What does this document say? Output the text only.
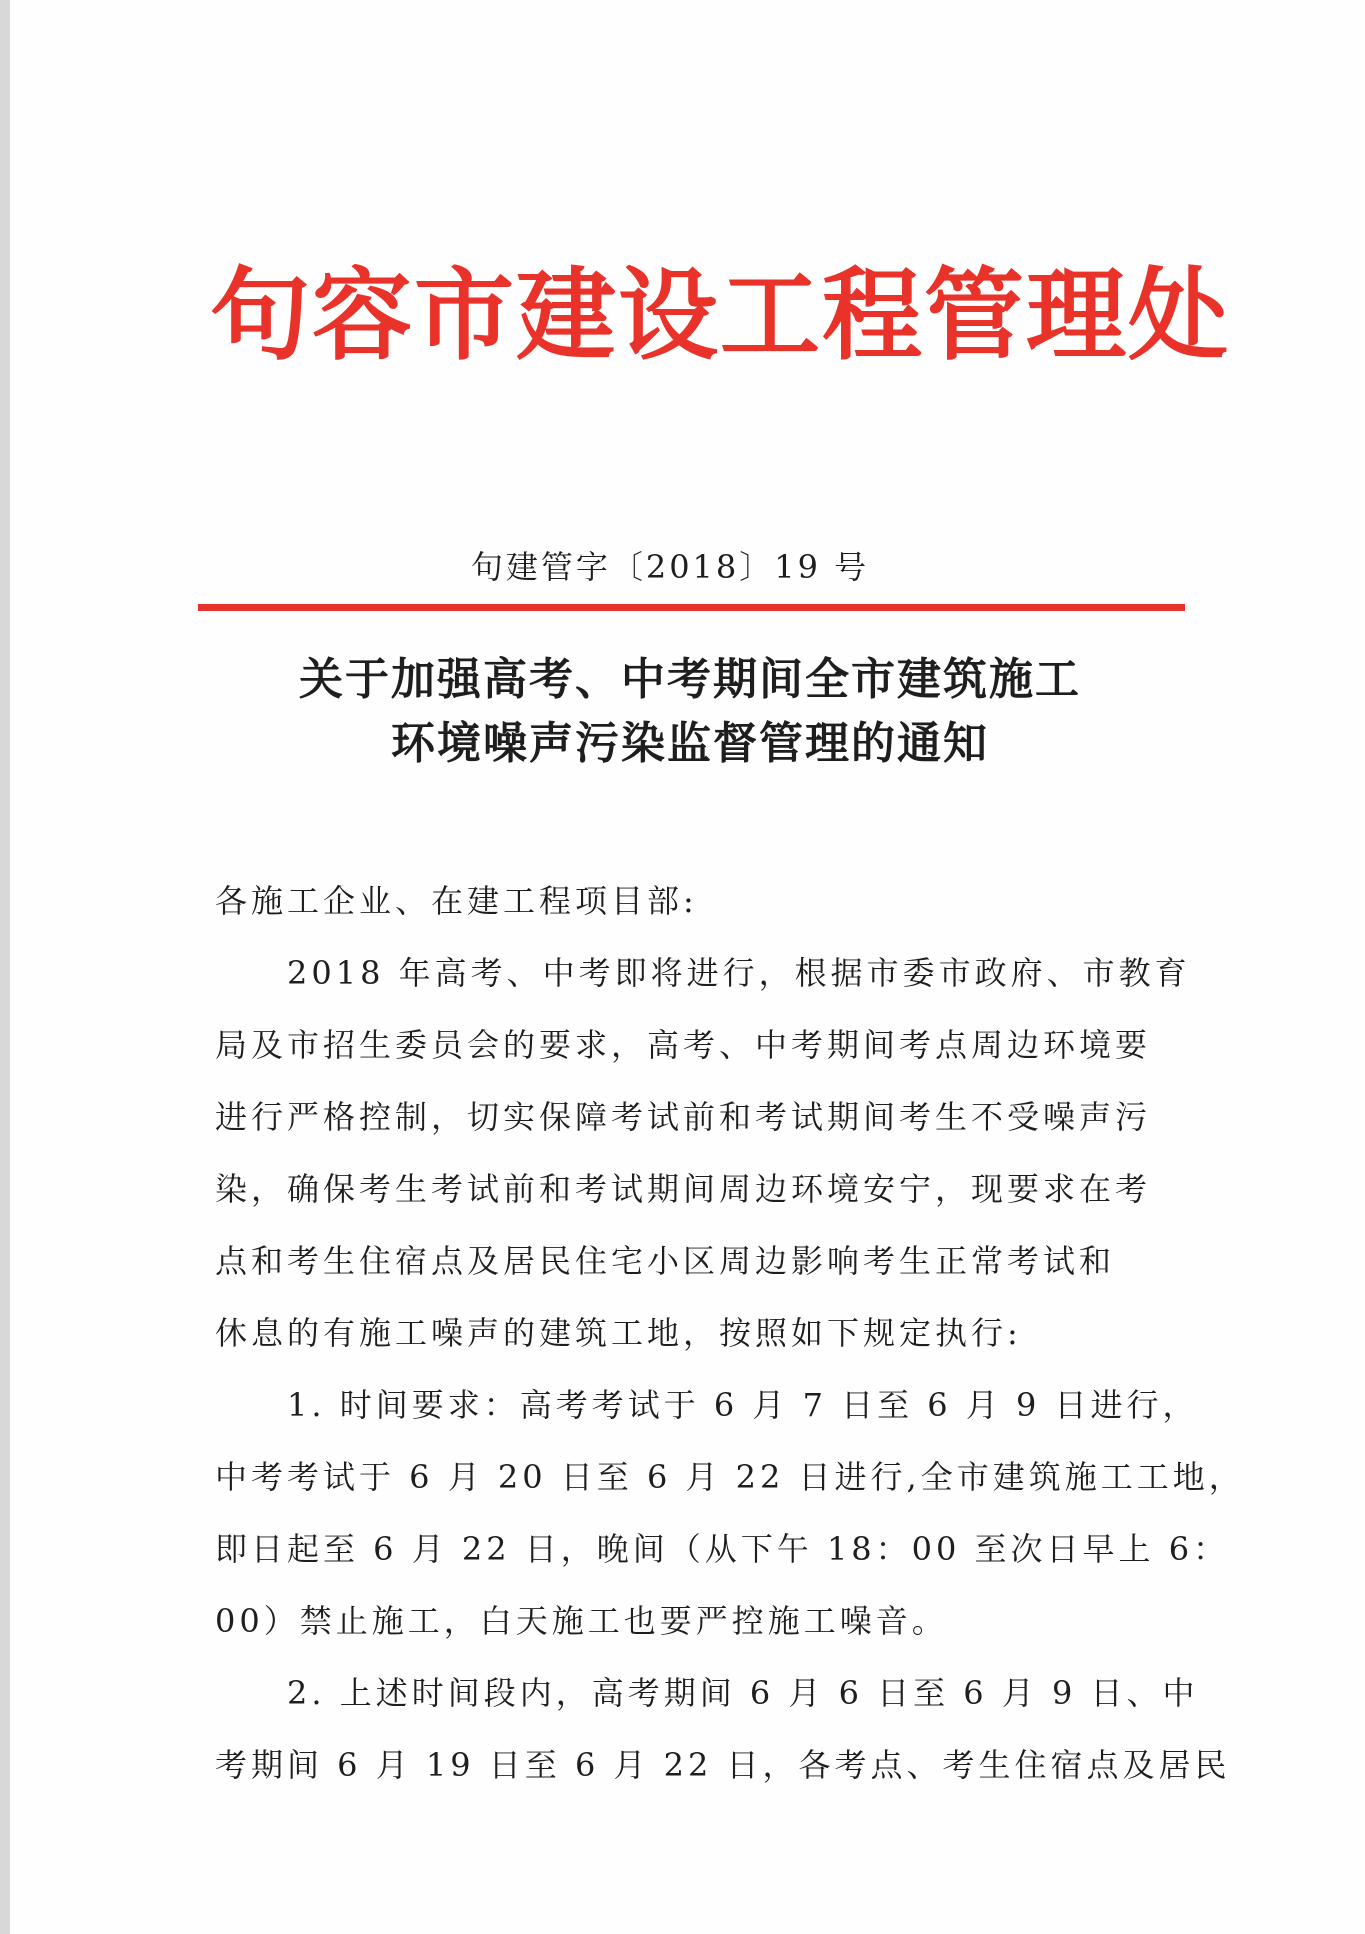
句容市建设工程管理处
句建管字〔2018〕19 号
关于加强高考、中考期间全市建筑施工
环境噪声污染监督管理的通知
各施工企业、在建工程项目部:
2018 年高考、中考即将进行，根据市委市政府、市教育
局及市招生委员会的要求，高考、中考期间考点周边环境要
进行严格控制，切实保障考试前和考试期间考生不受噪声污
染，确保考生考试前和考试期间周边环境安宁，现要求在考
点和考生住宿点及居民住宅小区周边影响考生正常考试和
休息的有施工噪声的建筑工地，按照如下规定执行:
1. 时间要求：高考考试于 6 月 7 日至 6 月 9 日进行，
中考考试于 6 月 20 日至 6 月 22 日进行,全市建筑施工工地，
即日起至 6 月 22 日，晚间（从下午 18：00 至次日早上 6：
00）禁止施工，白天施工也要严控施工噪音。
2. 上述时间段内，高考期间 6 月 6 日至 6 月 9 日、中
考期间 6 月 19 日至 6 月 22 日，各考点、考生住宿点及居民
